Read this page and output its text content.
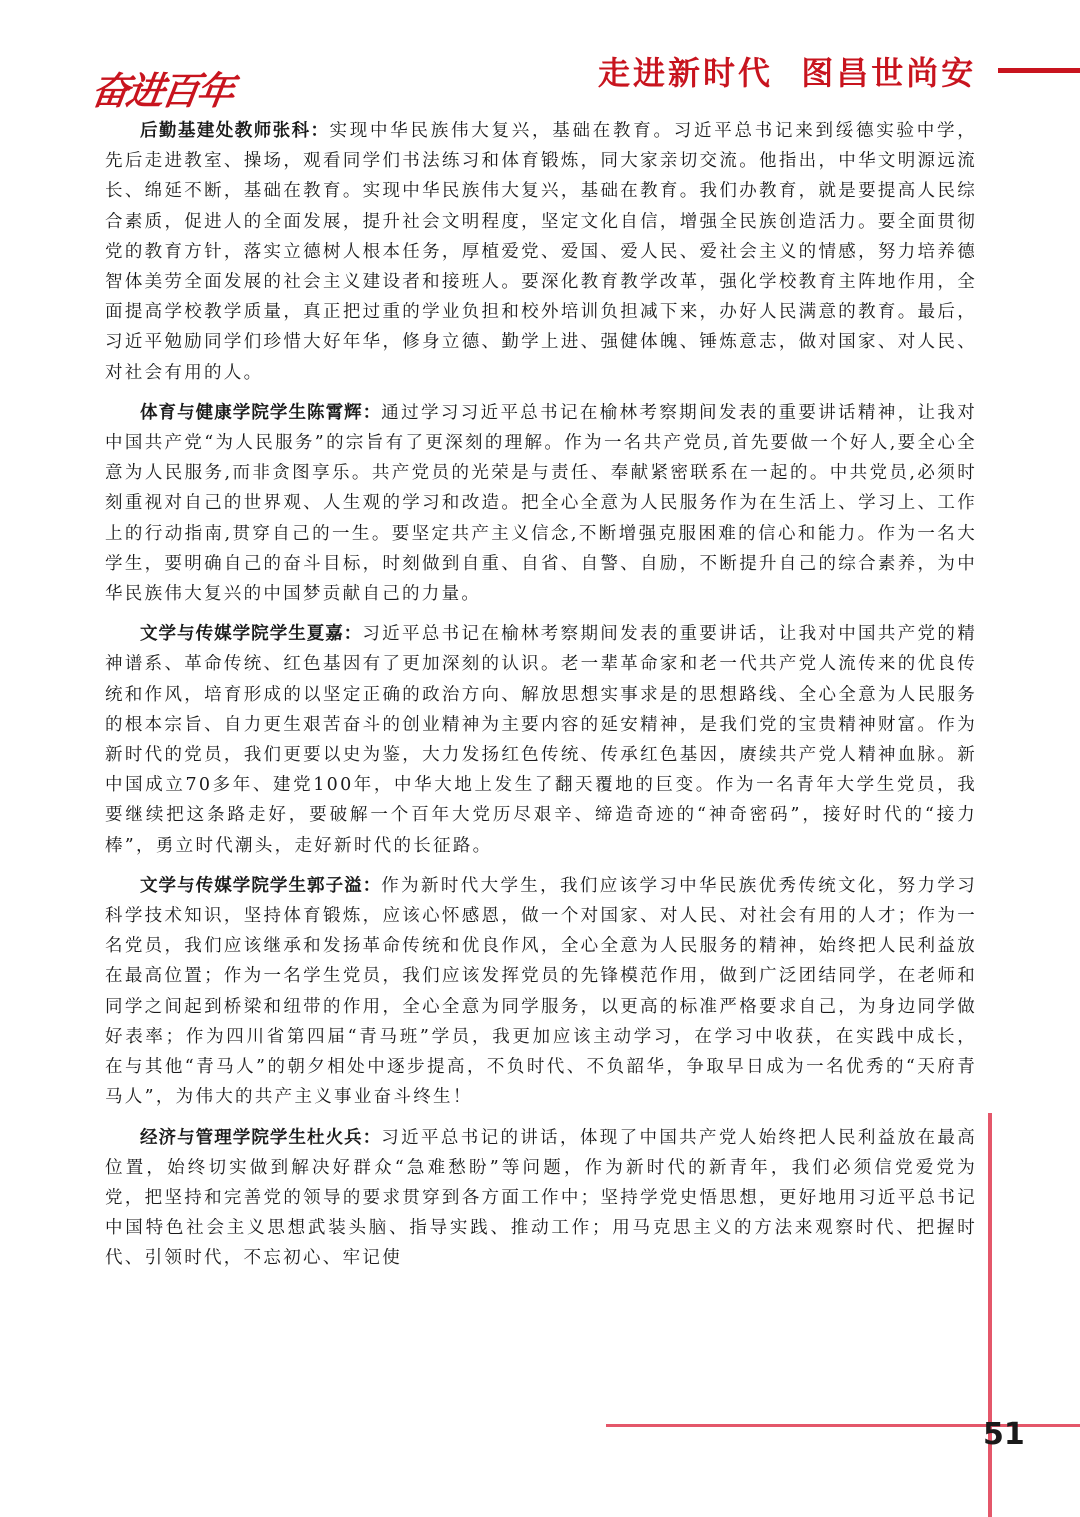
奋进百年	走进新时代  图昌世尚安

后勤基建处教师张科：实现中华民族伟大复兴，基础在教育。习近平总书记来到绥德实验中学，先后走进教室、操场，观看同学们书法练习和体育锻炼，同大家亲切交流。他指出，中华文明源远流长、绵延不断，基础在教育。实现中华民族伟大复兴，基础在教育。我们办教育，就是要提高人民综合素质，促进人的全面发展，提升社会文明程度，坚定文化自信，增强全民族创造活力。要全面贯彻党的教育方针，落实立德树人根本任务，厚植爱党、爱国、爱人民、爱社会主义的情感，努力培养德智体美劳全面发展的社会主义建设者和接班人。要深化教育教学改革，强化学校教育主阵地作用，全面提高学校教学质量，真正把过重的学业负担和校外培训负担减下来，办好人民满意的教育。最后，习近平勉励同学们珍惜大好年华，修身立德、勤学上进、强健体魄、锤炼意志，做对国家、对人民、对社会有用的人。

体育与健康学院学生陈霄辉：通过学习习近平总书记在榆林考察期间发表的重要讲话精神，让我对中国共产党“为人民服务”的宗旨有了更深刻的理解。作为一名共产党员,首先要做一个好人,要全心全意为人民服务,而非贪图享乐。共产党员的光荣是与责任、奉献紧密联系在一起的。中共党员,必须时刻重视对自己的世界观、人生观的学习和改造。把全心全意为人民服务作为在生活上、学习上、工作上的行动指南,贯穿自己的一生。要坚定共产主义信念,不断增强克服困难的信心和能力。作为一名大学生，要明确自己的奋斗目标，时刻做到自重、自省、自警、自励，不断提升自己的综合素养，为中华民族伟大复兴的中国梦贡献自己的力量。

文学与传媒学院学生夏嘉：习近平总书记在榆林考察期间发表的重要讲话，让我对中国共产党的精神谱系、革命传统、红色基因有了更加深刻的认识。老一辈革命家和老一代共产党人流传来的优良传统和作风，培育形成的以坚定正确的政治方向、解放思想实事求是的思想路线、全心全意为人民服务的根本宗旨、自力更生艰苦奋斗的创业精神为主要内容的延安精神，是我们党的宝贵精神财富。作为新时代的党员，我们更要以史为鉴，大力发扬红色传统、传承红色基因，赓续共产党人精神血脉。新中国成立70多年、建党100年，中华大地上发生了翻天覆地的巨变。作为一名青年大学生党员，我要继续把这条路走好，要破解一个百年大党历尽艰辛、缔造奇迹的“神奇密码”，接好时代的“接力棒”，勇立时代潮头，走好新时代的长征路。

文学与传媒学院学生郭子溢：作为新时代大学生，我们应该学习中华民族优秀传统文化，努力学习科学技术知识，坚持体育锻炼，应该心怀感恩，做一个对国家、对人民、对社会有用的人才；作为一名党员，我们应该继承和发扬革命传统和优良作风，全心全意为人民服务的精神，始终把人民利益放在最高位置；作为一名学生党员，我们应该发挥党员的先锋模范作用，做到广泛团结同学，在老师和同学之间起到桥梁和纽带的作用，全心全意为同学服务，以更高的标准严格要求自己，为身边同学做好表率；作为四川省第四届“青马班”学员，我更加应该主动学习，在学习中收获，在实践中成长，在与其他“青马人”的朝夕相处中逐步提高，不负时代、不负韶华，争取早日成为一名优秀的“天府青马人”，为伟大的共产主义事业奋斗终生！

经济与管理学院学生杜火兵：习近平总书记的讲话，体现了中国共产党人始终把人民利益放在最高位置，始终切实做到解决好群众“急难愁盼”等问题，作为新时代的新青年，我们必须信党爱党为党，把坚持和完善党的领导的要求贯穿到各方面工作中；坚持学党史悟思想，更好地用习近平总书记中国特色社会主义思想武装头脑、指导实践、推动工作；用马克思主义的方法来观察时代、把握时代、引领时代，不忘初心、牢记使

51
